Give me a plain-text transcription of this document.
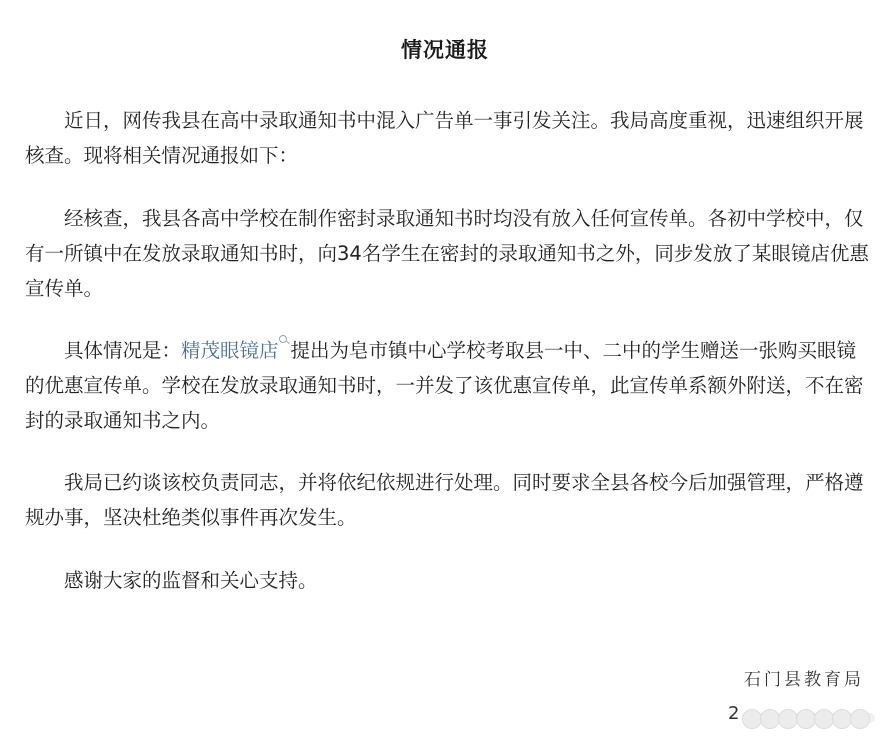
情况通报

近日，网传我县在高中录取通知书中混入广告单一事引发关注。我局高度重视，迅速组织开展核查。现将相关情况通报如下：

经核查，我县各高中学校在制作密封录取通知书时均没有放入任何宣传单。各初中学校中，仅有一所镇中在发放录取通知书时，向34名学生在密封的录取通知书之外，同步发放了某眼镜店优惠宣传单。

具体情况是：精茂眼镜店 提出为皂市镇中心学校考取县一中、二中的学生赠送一张购买眼镜的优惠宣传单。学校在发放录取通知书时，一并发了该优惠宣传单，此宣传单系额外附送，不在密封的录取通知书之内。

我局已约谈该校负责同志，并将依纪依规进行处理。同时要求全县各校今后加强管理，严格遵规办事，坚决杜绝类似事件再次发生。

感谢大家的监督和关心支持。

石门县教育局
2
